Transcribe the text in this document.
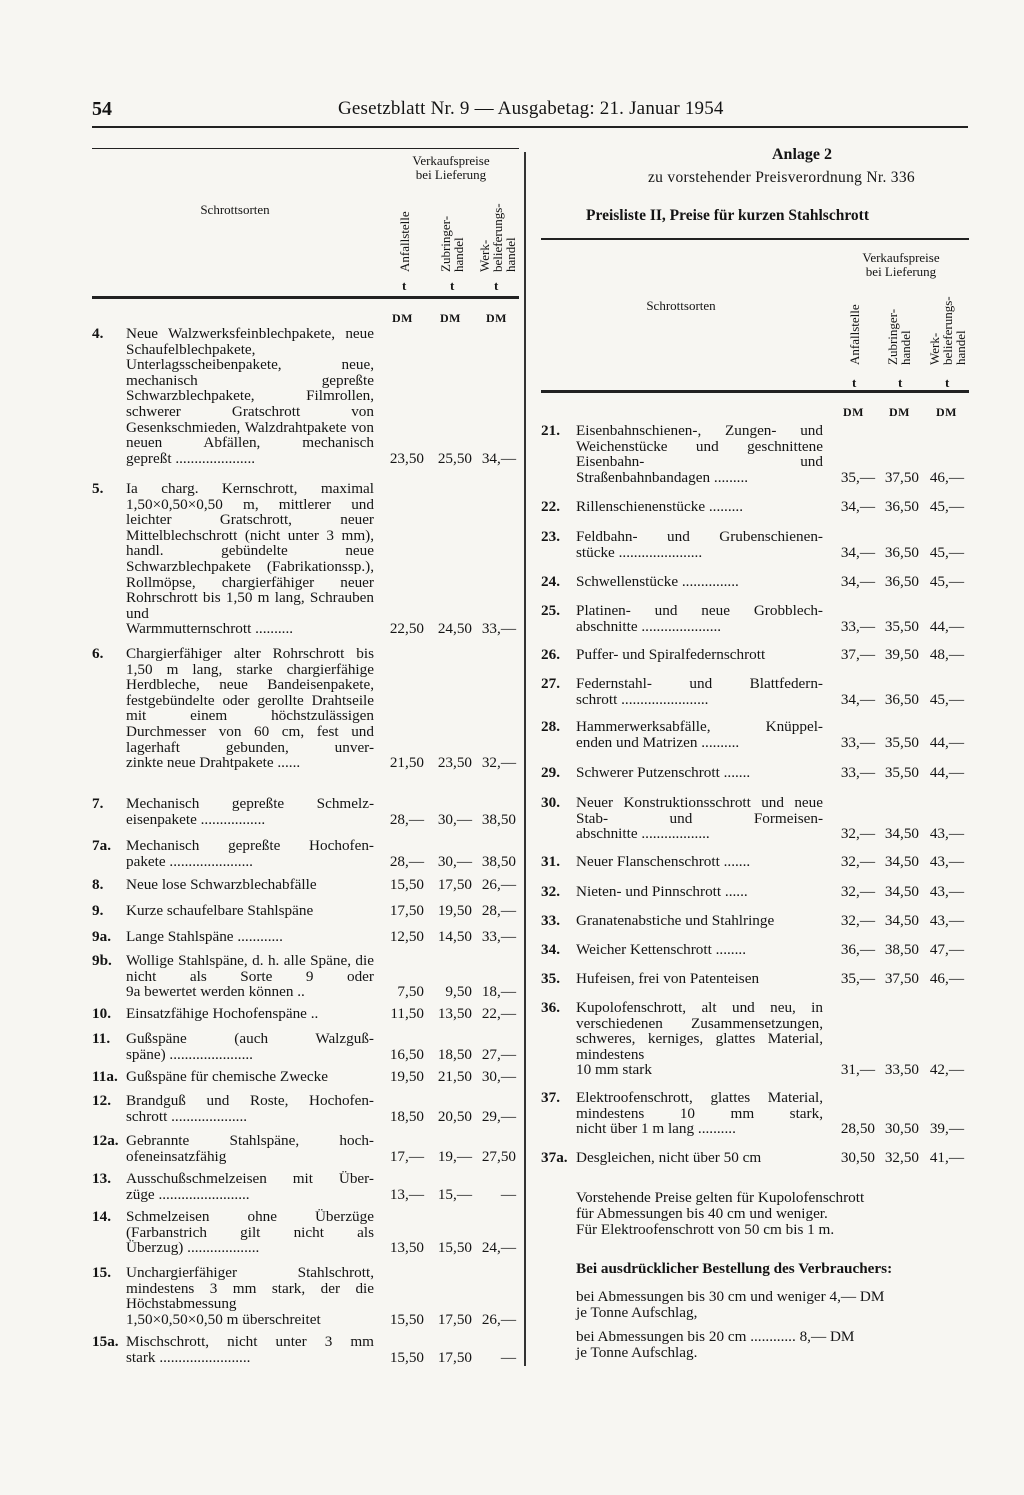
54	Gesetzblatt Nr. 9 — Ausgabetag: 21. Januar 1954
Verkaufspreise
bei Lieferung
Schrottsorten
Anfallstelle Zubringer-
handel Werk-
belieferungs-
handel
t	t	t
DM DM DM
4.	Neue Walzwerksfeinblechpakete, neue Schaufelblechpakete, Unterlagsscheibenpakete, neue, mechanisch gepreßte Schwarzblechpakete, Filmrollen, schwerer Gratschrott von Gesenkschmieden, Walzdrahtpakete von neuen Abfällen, mechanisch
gepreßt .....................	23,50 25,50 34,—
5.	Ia charg. Kernschrott, maximal 1,50×0,50×0,50 m, mittlerer und leichter Gratschrott, neuer Mittelblechschrott (nicht unter 3 mm), handl. gebündelte neue Schwarzblechpakete (Fabrikationssp.), Rollmöpse, chargierfähiger neuer Rohrschrott bis 1,50 m lang, Schrauben und
Warmmutternschrott ..........	22,50 24,50 33,—
6.	Chargierfähiger alter Rohrschrott bis 1,50 m lang, starke chargierfähige Herdbleche, neue Bandeisenpakete, festgebündelte oder gerollte Drahtseile mit einem höchstzulässigen Durchmesser von 60 cm, fest und lagerhaft gebunden, unver-
zinkte neue Drahtpakete ......	21,50 23,50 32,—
7.	Mechanisch gepreßte Schmelz-
eisenpakete .................	28,— 30,— 38,50
7a. Mechanisch gepreßte Hochofen-
pakete ......................	28,— 30,— 38,50
8.	Neue lose Schwarzblechabfälle	15,50 17,50 26,—
9.	Kurze schaufelbare Stahlspäne	17,50 19,50 28,—
9a. Lange Stahlspäne ............	12,50 14,50 33,—
9b. Wollige Stahlspäne, d. h. alle Späne, die nicht als Sorte 9 oder
9a bewertet werden können ..	7,50 9,50 18,—
10. Einsatzfähige Hochofenspäne ..	11,50 13,50 22,—
11.	Gußspäne (auch Walzguß-
späne) ......................	16,50 18,50 27,—
11a. Gußspäne für chemische Zwecke	19,50 21,50 30,—
12. Brandguß und Roste, Hochofen-
schrott ....................	18,50 20,50 29,—
12a. Gebrannte Stahlspäne, hoch-
ofeneinsatzfähig	17,— 19,— 27,50
13. Ausschußschmelzeisen mit Über-
züge ........................	13,— 15,— —
14. Schmelzeisen ohne Überzüge (Farbanstrich gilt nicht als
Überzug) ...................	13,50 15,50 24,—
15. Unchargierfähiger Stahlschrott, mindestens 3 mm stark, der die Höchstabmessung
1,50×0,50×0,50 m überschreitet	15,50 17,50 26,—
15a. Mischschrott, nicht unter 3 mm
stark ........................	15,50 17,50 —
Anlage 2
zu vorstehender Preisverordnung Nr. 336
Preisliste II, Preise für kurzen Stahlschrott
Verkaufspreise
bei Lieferung
Schrottsorten	Anfallstelle Zubringer-
handel Werk-
belieferungs-
handel
t	t	t
DM DM DM
21.	Eisenbahnschienen-, Zungen- und Weichenstücke und geschnittene Eisenbahn- und
Straßenbahnbandagen .........	35,— 37,50 46,—
22.	Rillenschienenstücke .........	34,— 36,50 45,—
23.	Feldbahn- und Grubenschienen-
stücke ......................	34,— 36,50 45,—
24.	Schwellenstücke ...............	34,— 36,50 45,—
25.	Platinen- und neue Grobblech-
abschnitte .....................	33,— 35,50 44,—
26.	Puffer- und Spiralfedernschrott	37,— 39,50 48,—
27.	Federnstahl- und Blattfedern-
schrott .......................	34,— 36,50 45,—
28.	Hammerwerksabfälle, Knüppel-
enden und Matrizen ..........	33,— 35,50 44,—
29.	Schwerer Putzenschrott .......	33,— 35,50 44,—
30.	Neuer Konstruktionsschrott und neue Stab- und Formeisen-
abschnitte ..................	32,— 34,50 43,—
31.	Neuer Flanschenschrott .......	32,— 34,50 43,—
32.	Nieten- und Pinnschrott ......	32,— 34,50 43,—
33.	Granatenabstiche und Stahlringe	32,— 34,50 43,—
34.	Weicher Kettenschrott ........	36,— 38,50 47,—
35.	Hufeisen, frei von Patenteisen	35,— 37,50 46,—
36.	Kupolofenschrott, alt und neu, in verschiedenen Zusammensetzungen, schweres, kerniges, glattes Material, mindestens
10 mm stark	31,— 33,50 42,—
37.	Elektroofenschrott, glattes Material, mindestens 10 mm stark,
nicht über 1 m lang ..........	28,50 30,50 39,—
37a. Desgleichen, nicht über 50 cm	30,50 32,50 41,—
Vorstehende Preise gelten für Kupolofenschrott
für Abmessungen bis 40 cm und weniger.
Für Elektroofenschrott von 50 cm bis 1 m.
Bei ausdrücklicher Bestellung des Verbrauchers:
bei Abmessungen bis 30 cm und weniger 4,— DM
je Tonne Aufschlag,
bei Abmessungen bis 20 cm ............ 8,— DM
je Tonne Aufschlag.
